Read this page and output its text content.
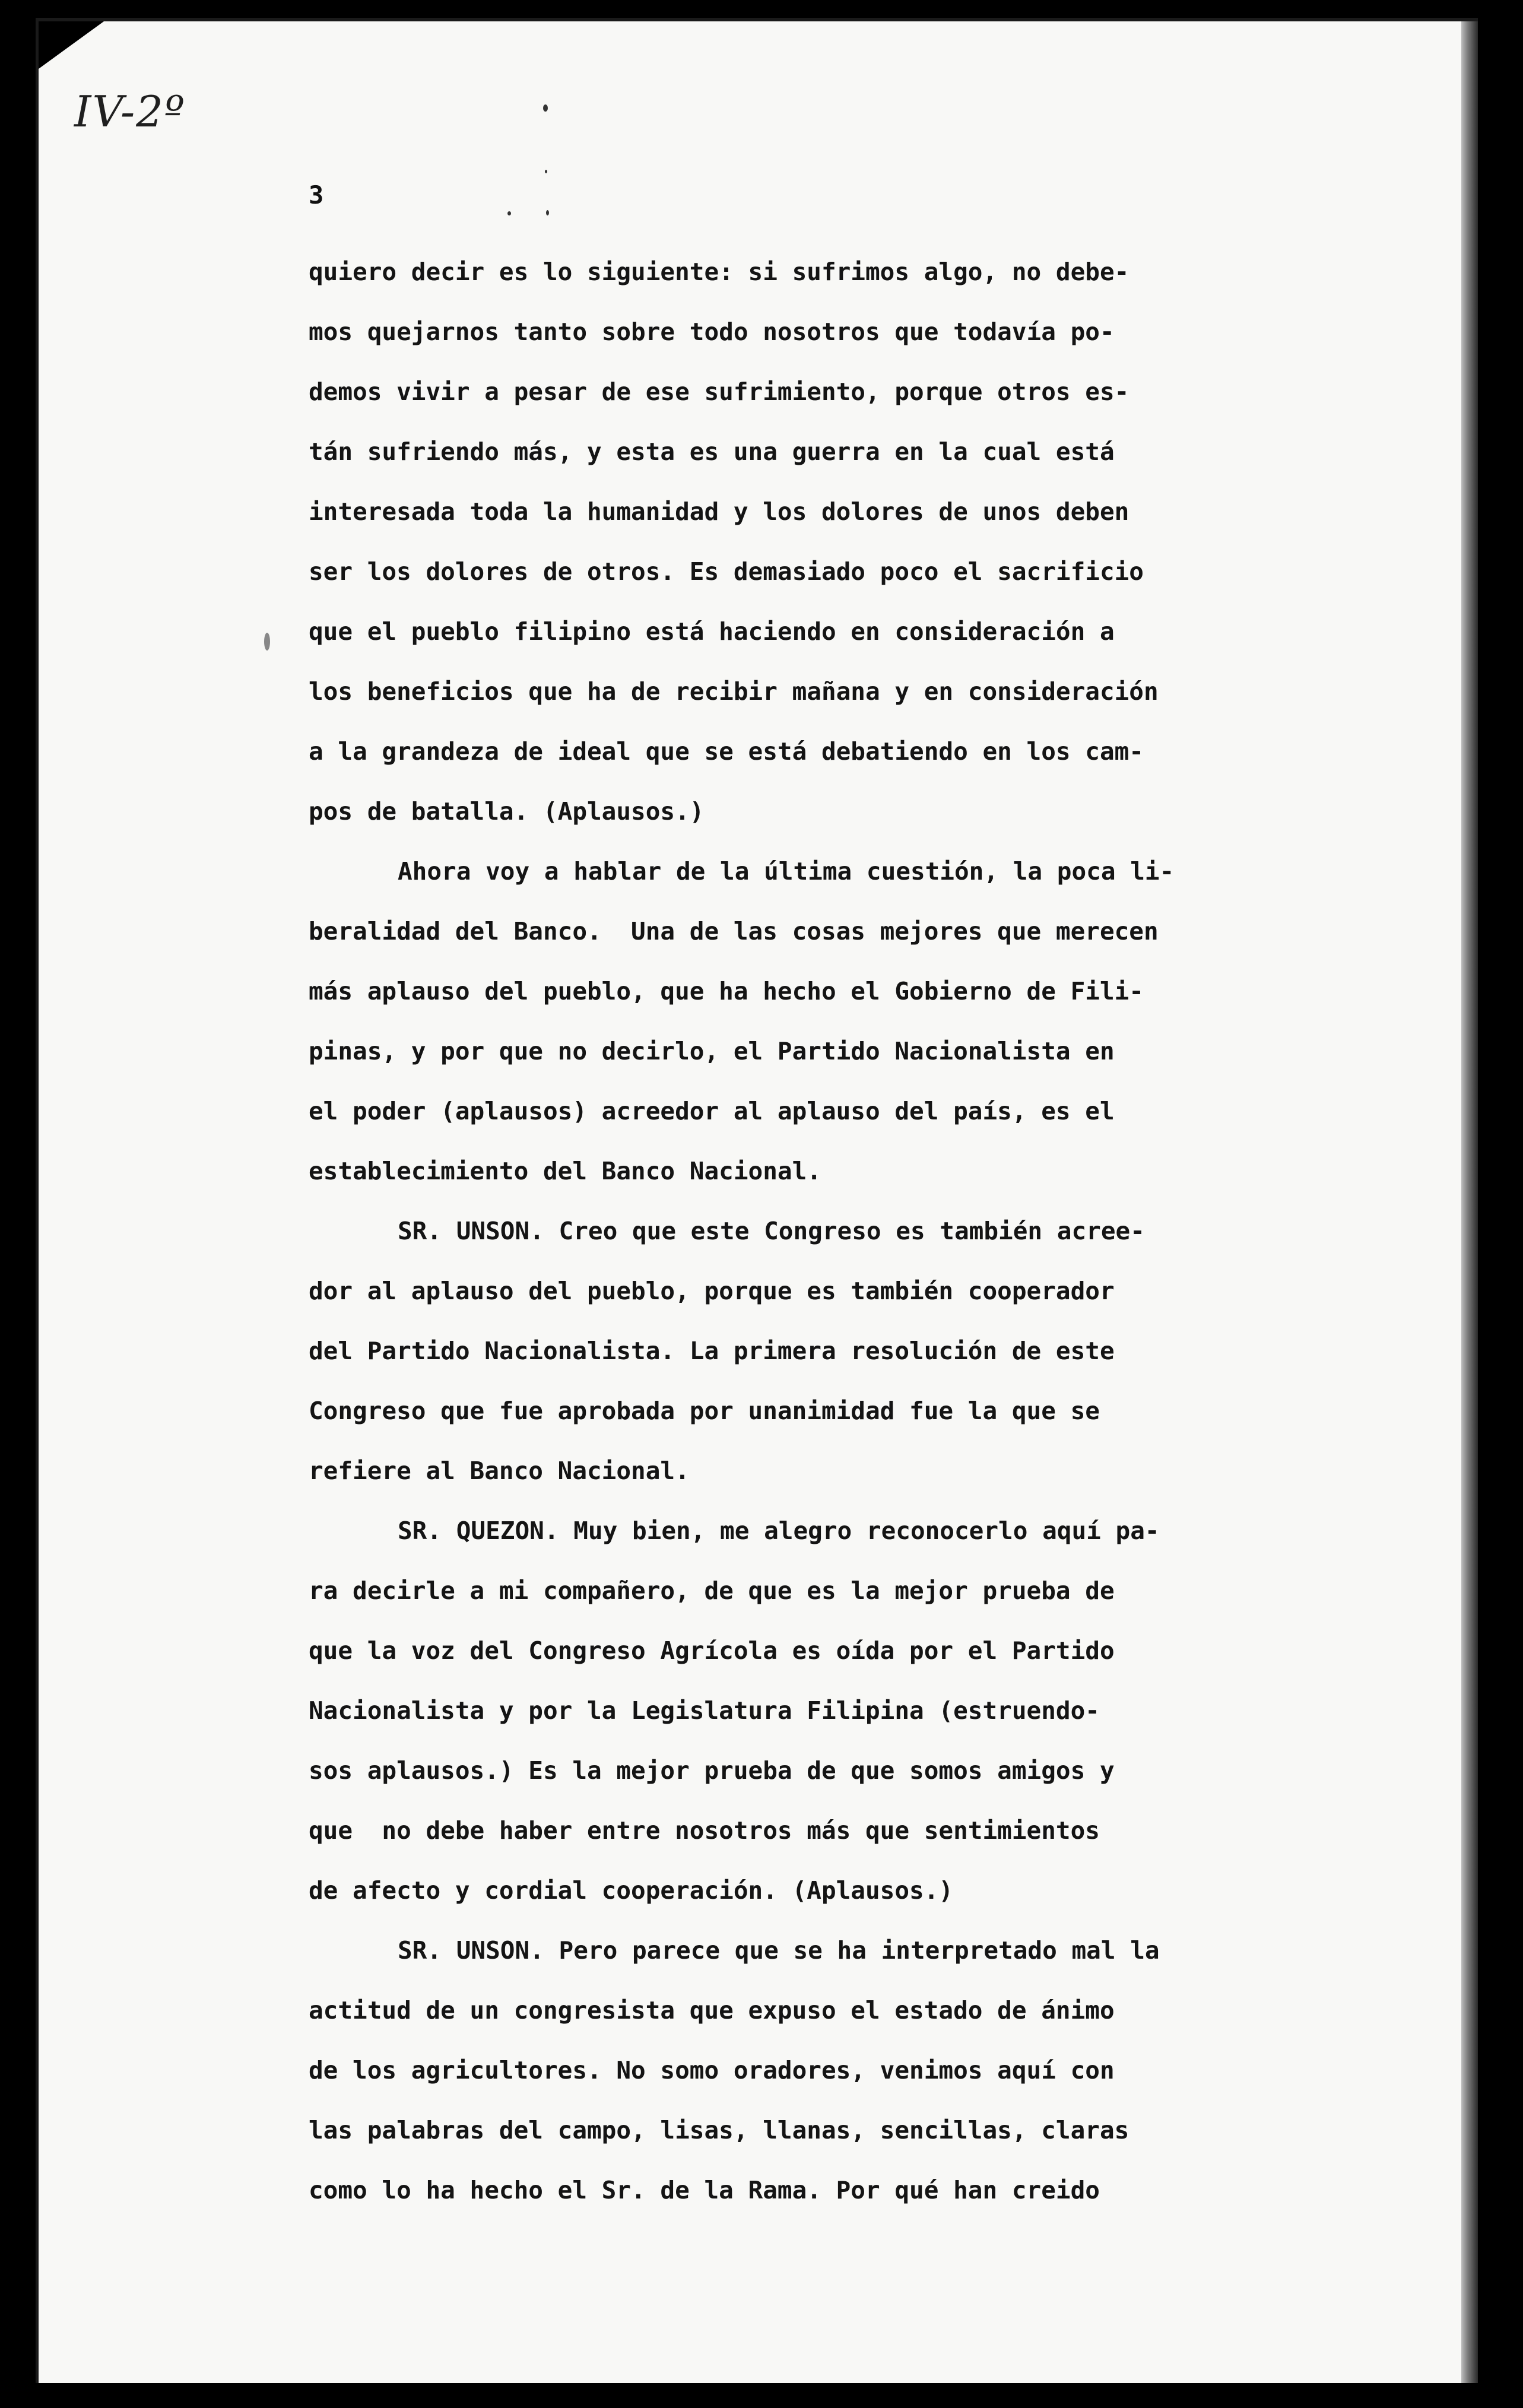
IV-2º
3
quiero decir es lo siguiente: si sufrimos algo, no debe-
mos quejarnos tanto sobre todo nosotros que todavía po-
demos vivir a pesar de ese sufrimiento, porque otros es-
tán sufriendo más, y esta es una guerra en la cual está
interesada toda la humanidad y los dolores de unos deben
ser los dolores de otros. Es demasiado poco el sacrificio
que el pueblo filipino está haciendo en consideración a
los beneficios que ha de recibir mañana y en consideración
a la grandeza de ideal que se está debatiendo en los cam-
pos de batalla. (Aplausos.)
Ahora voy a hablar de la última cuestión, la poca li-
beralidad del Banco.  Una de las cosas mejores que merecen
más aplauso del pueblo, que ha hecho el Gobierno de Fili-
pinas, y por que no decirlo, el Partido Nacionalista en
el poder (aplausos) acreedor al aplauso del país, es el
establecimiento del Banco Nacional.
SR. UNSON. Creo que este Congreso es también acree-
dor al aplauso del pueblo, porque es también cooperador
del Partido Nacionalista. La primera resolución de este
Congreso que fue aprobada por unanimidad fue la que se
refiere al Banco Nacional.
SR. QUEZON. Muy bien, me alegro reconocerlo aquí pa-
ra decirle a mi compañero, de que es la mejor prueba de
que la voz del Congreso Agrícola es oída por el Partido
Nacionalista y por la Legislatura Filipina (estruendo-
sos aplausos.) Es la mejor prueba de que somos amigos y
que  no debe haber entre nosotros más que sentimientos
de afecto y cordial cooperación. (Aplausos.)
SR. UNSON. Pero parece que se ha interpretado mal la
actitud de un congresista que expuso el estado de ánimo
de los agricultores. No somo oradores, venimos aquí con
las palabras del campo, lisas, llanas, sencillas, claras
como lo ha hecho el Sr. de la Rama. Por qué han creido
